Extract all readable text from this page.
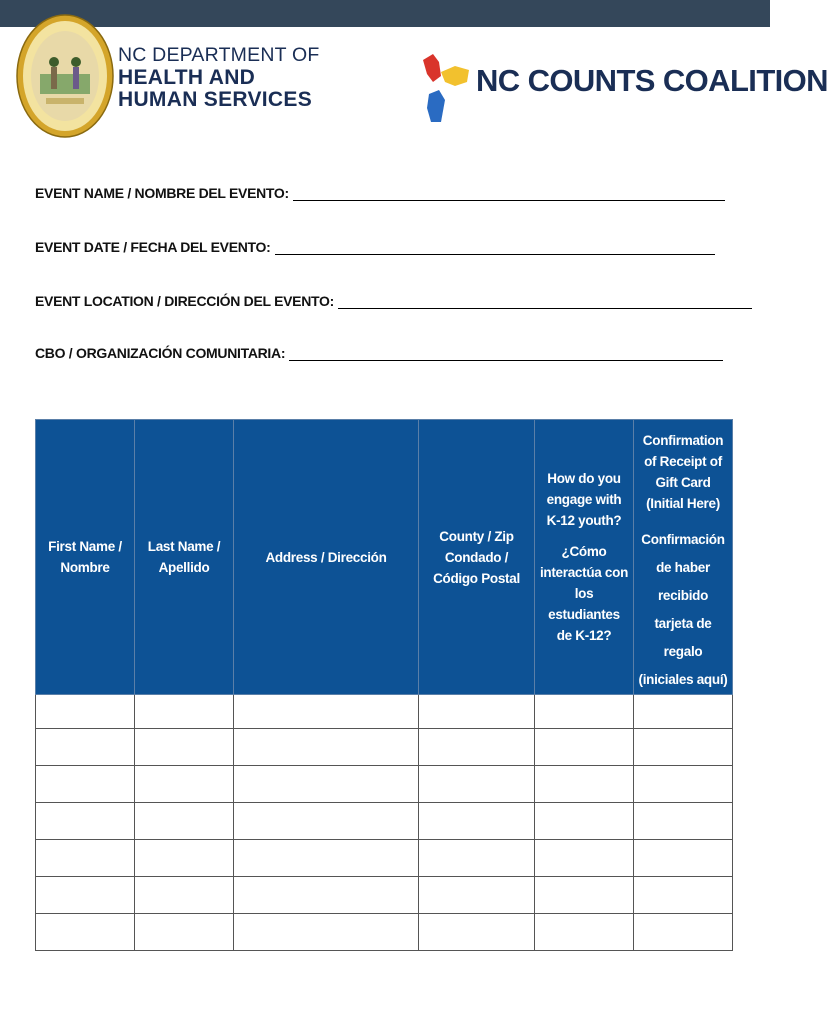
NC DEPARTMENT OF
HEALTH AND
HUMAN SERVICES
NC COUNTS COALITION
EVENT NAME / NOMBRE DEL EVENTO:
EVENT DATE / FECHA DEL EVENTO:
EVENT LOCATION / DIRECCIÓN DEL EVENTO:
CBO / ORGANIZACIÓN COMUNITARIA:
First Name / Nombre	Last Name / Apellido	Address / Dirección	County / Zip Condado / Código Postal	How do you engage with K-12 youth?
¿Cómo interactúa con los estudiantes de K-12?	Confirmation of Receipt of Gift Card (Initial Here)
Confirmación de haber recibido tarjeta de regalo (iniciales aquí)
